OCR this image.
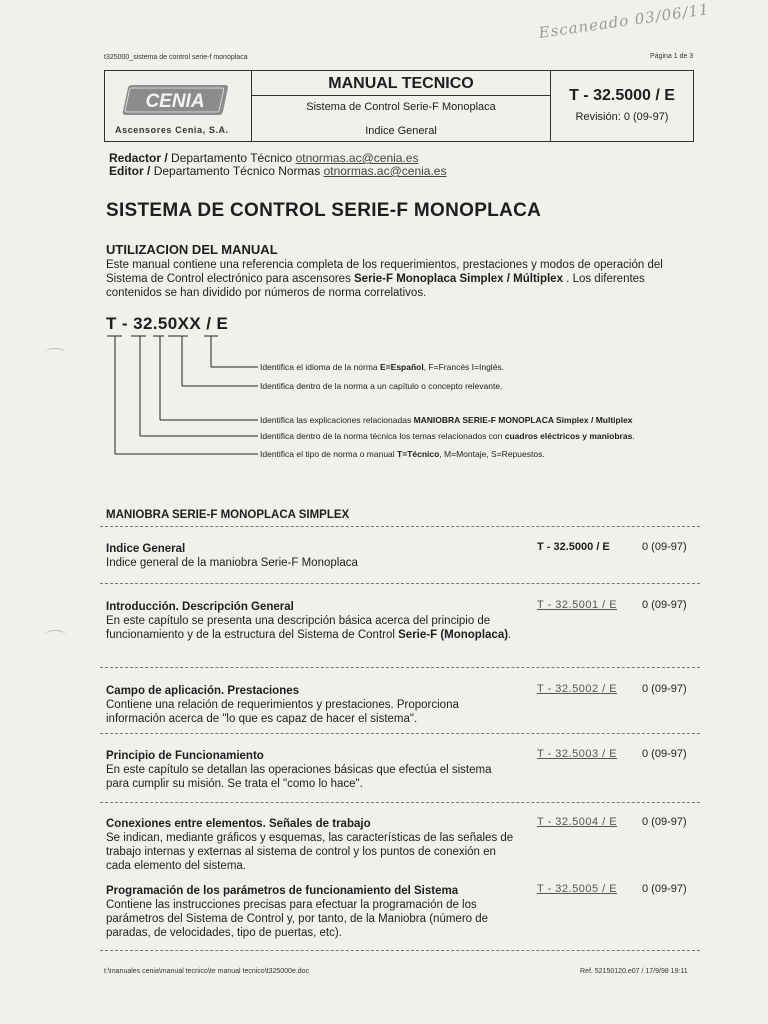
Escaneado 03/06/11
t325000_sistema de control serie-f monoplaca	Página 1 de 3
CENIA
Ascensores Cenia, S.A.
MANUAL TECNICO
Sistema de Control Serie-F Monoplaca
Indice General
T - 32.5000 / E
Revisión: 0 (09-97)
Redactor / Departamento Técnico otnormas.ac@cenia.es
Editor / Departamento Técnico Normas otnormas.ac@cenia.es
SISTEMA DE CONTROL SERIE-F MONOPLACA
UTILIZACION DEL MANUAL
Este manual contiene una referencia completa de los requerimientos, prestaciones y modos de operación del Sistema de Control electrónico para ascensores Serie-F Monoplaca Simplex / Múltiplex . Los diferentes contenidos se han dividido por números de norma correlativos.
T - 32.50XX / E
Identifica el idioma de la norma E=Español, F=Francés I=Inglés.
Identifica dentro de la norma a un capítulo o concepto relevante.
Identifica las explicaciones relacionadas MANIOBRA SERIE-F MONOPLACA Simplex / Multiplex
Identifica dentro de la norma técnica los temas relacionados con cuadros eléctricos y maniobras.
Identifica el tipo de norma o manual T=Técnico, M=Montaje, S=Repuestos.
MANIOBRA SERIE-F MONOPLACA SIMPLEX
Indice General
Indice general de la maniobra Serie-F Monoplaca
T - 32.5000 / E	0 (09-97)
Introducción. Descripción General
En este capítulo se presenta una descripción básica acerca del principio de funcionamiento y de la estructura del Sistema de Control Serie-F (Monoplaca).
T - 32.5001 / E 0 (09-97)
Campo de aplicación. Prestaciones
Contiene una relación de requerimientos y prestaciones. Proporciona información acerca de "lo que es capaz de hacer el sistema".
T - 32.5002 / E 0 (09-97)
Principio de Funcionamiento
En este capítulo se detallan las operaciones básicas que efectúa el sistema para cumplir su misión. Se trata el "como lo hace".
T - 32.5003 / E 0 (09-97)
Conexiones entre elementos. Señales de trabajo
Se indican, mediante gráficos y esquemas, las características de las señales de trabajo internas y externas al sistema de control y los puntos de conexión en cada elemento del sistema.
T - 32.5004 / E 0 (09-97)
Programación de los parámetros de funcionamiento del Sistema
Contiene las instrucciones precisas para efectuar la programación de los parámetros del Sistema de Control y, por tanto, de la Maniobra (número de paradas, de velocidades, tipo de puertas, etc).
T - 32.5005 / E 0 (09-97)
t:\manuales cenia\manual tecnico\te manual tecnico\t325000e.doc	Ref. 52150120.e07 / 17/9/98 19:11
